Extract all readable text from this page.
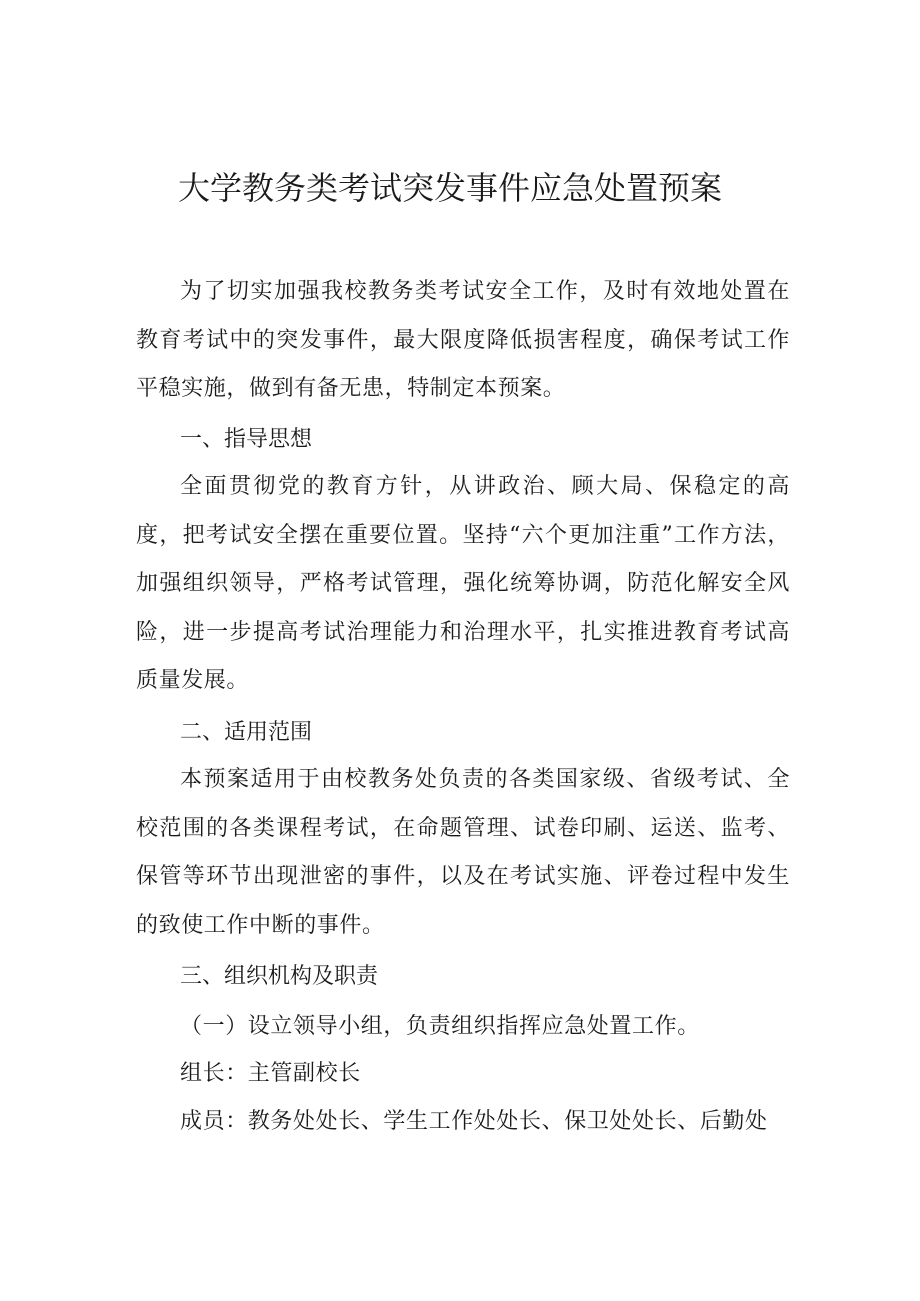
大学教务类考试突发事件应急处置预案

为了切实加强我校教务类考试安全工作，及时有效地处置在教育考试中的突发事件，最大限度降低损害程度，确保考试工作平稳实施，做到有备无患，特制定本预案。

一、指导思想

全面贯彻党的教育方针，从讲政治、顾大局、保稳定的高度，把考试安全摆在重要位置。坚持“六个更加注重”工作方法，加强组织领导，严格考试管理，强化统筹协调，防范化解安全风险，进一步提高考试治理能力和治理水平，扎实推进教育考试高质量发展。

二、适用范围

本预案适用于由校教务处负责的各类国家级、省级考试、全校范围的各类课程考试，在命题管理、试卷印刷、运送、监考、保管等环节出现泄密的事件，以及在考试实施、评卷过程中发生的致使工作中断的事件。

三、组织机构及职责

（一）设立领导小组，负责组织指挥应急处置工作。

组长：主管副校长

成员：教务处处长、学生工作处处长、保卫处处长、后勤处
